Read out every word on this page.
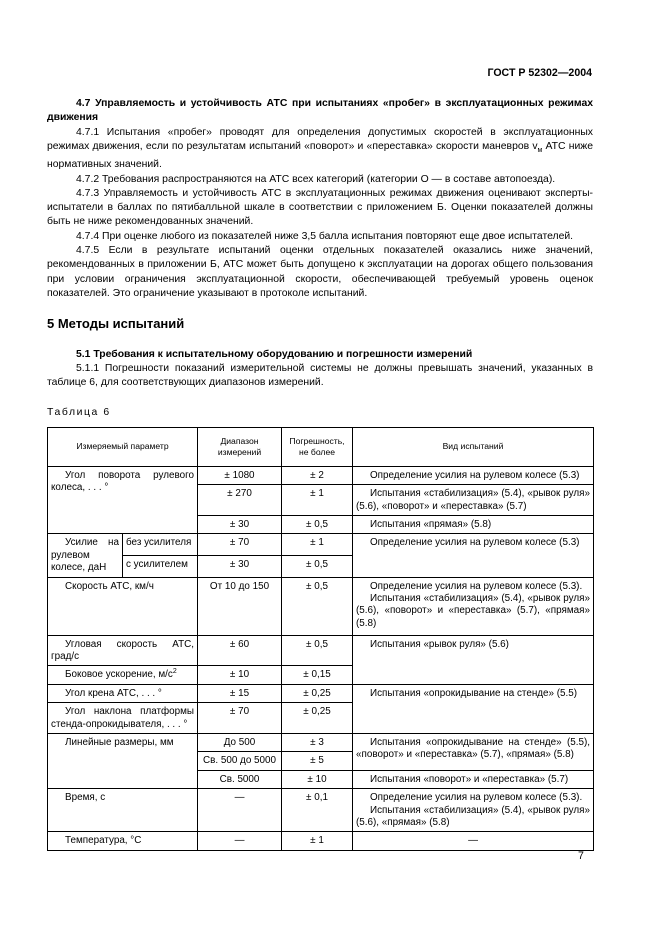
ГОСТ Р 52302—2004

4.7 Управляемость и устойчивость АТС при испытаниях «пробег» в эксплуатационных режимах движения

4.7.1 Испытания «пробег» проводят для определения допустимых скоростей в эксплуатационных режимах движения, если по результатам испытаний «поворот» и «переставка» скорости маневров $v_м$ АТС ниже нормативных значений.

4.7.2 Требования распространяются на АТС всех категорий (категории О — в составе автопоезда).

4.7.3 Управляемость и устойчивость АТС в эксплуатационных режимах движения оценивают эксперты-испытатели в баллах по пятибалльной шкале в соответствии с приложением Б. Оценки показателей должны быть не ниже рекомендованных значений.

4.7.4 При оценке любого из показателей ниже 3,5 балла испытания повторяют еще двое испытателей.

4.7.5 Если в результате испытаний оценки отдельных показателей оказались ниже значений, рекомендованных в приложении Б, АТС может быть допущено к эксплуатации на дорогах общего пользования при условии ограничения эксплуатационной скорости, обеспечивающей требуемый уровень оценок показателей. Это ограничение указывают в протоколе испытаний.

5 Методы испытаний

5.1 Требования к испытательному оборудованию и погрешности измерений

5.1.1 Погрешности показаний измерительной системы не должны превышать значений, указанных в таблице 6, для соответствующих диапазонов измерений.

Таблица 6
Измеряемый параметр		Диапазон измерений	Погрешность, не более	Вид испытаний
Угол поворота рулевого колеса, . . . °		± 1080	± 2	Определение усилия на рулевом колесе (5.3)
		± 270	± 1	Испытания «стабилизация» (5.4), «рывок руля» (5.6), «поворот» и «переставка» (5.7)
		± 30	± 0,5	Испытания «прямая» (5.8)
Усилие на рулевом колесе, даН	без усилителя	± 70	± 1	Определение усилия на рулевом колесе (5.3)
	с усилителем	± 30	± 0,5	
Скорость АТС, км/ч		От 10 до 150	± 0,5	Определение усилия на рулевом колесе (5.3).
Испытания «стабилизация» (5.4), «рывок руля» (5.6), «поворот» и «переставка» (5.7), «прямая» (5.8)

Угловая скорость АТС, град/с		± 60	± 0,5	Испытания «рывок руля» (5.6)
Боковое ускорение, $м/с^2$		± 10	± 0,15	
Угол крена АТС, . . . °		± 15	± 0,25	Испытания «опрокидывание на стенде» (5.5)
Угол наклона платформы стенда-опрокидывателя, . . . °		± 70	± 0,25	
Линейные размеры, мм		До 500	± 3	Испытания «опрокидывание на стенде» (5.5), «поворот» и «переставка» (5.7), «прямая» (5.8)
		Св. 500 до 5000	± 5	
		Св. 5000	± 10	Испытания «поворот» и «переставка» (5.7)
Время, с		—	± 0,1	Определение усилия на рулевом колесе (5.3).
Испытания «стабилизация» (5.4), «рывок руля» (5.6), «прямая» (5.8)

Температура, °С		—	± 1	—
7
